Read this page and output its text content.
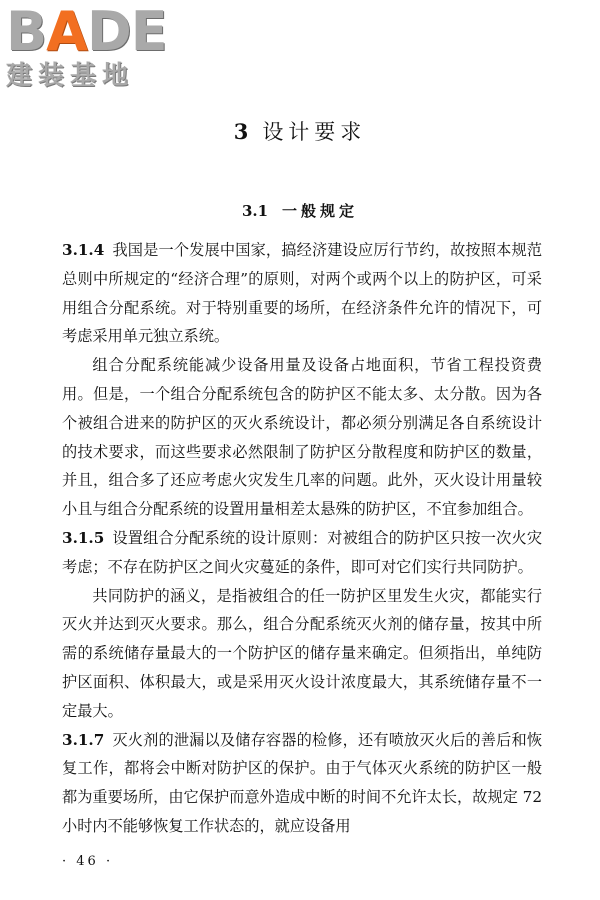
BADE
建装基地
3 设计要求
3.1 一般规定

3.1.4 我国是一个发展中国家，搞经济建设应厉行节约，故按照本规范总则中所规定的“经济合理”的原则，对两个或两个以上的防护区，可采用组合分配系统。对于特别重要的场所，在经济条件允许的情况下，可考虑采用单元独立系统。

组合分配系统能减少设备用量及设备占地面积，节省工程投资费用。但是，一个组合分配系统包含的防护区不能太多、太分散。因为各个被组合进来的防护区的灭火系统设计，都必须分别满足各自系统设计的技术要求，而这些要求必然限制了防护区分散程度和防护区的数量，并且，组合多了还应考虑火灾发生几率的问题。此外，灭火设计用量较小且与组合分配系统的设置用量相差太悬殊的防护区，不宜参加组合。

3.1.5 设置组合分配系统的设计原则：对被组合的防护区只按一次火灾考虑；不存在防护区之间火灾蔓延的条件，即可对它们实行共同防护。

共同防护的涵义，是指被组合的任一防护区里发生火灾，都能实行灭火并达到灭火要求。那么，组合分配系统灭火剂的储存量，按其中所需的系统储存量最大的一个防护区的储存量来确定。但须指出，单纯防护区面积、体积最大，或是采用灭火设计浓度最大，其系统储存量不一定最大。

3.1.7 灭火剂的泄漏以及储存容器的检修，还有喷放灭火后的善后和恢复工作，都将会中断对防护区的保护。由于气体灭火系统的防护区一般都为重要场所，由它保护而意外造成中断的时间不允许太长，故规定 72 小时内不能够恢复工作状态的，就应设备用

· 46 ·
